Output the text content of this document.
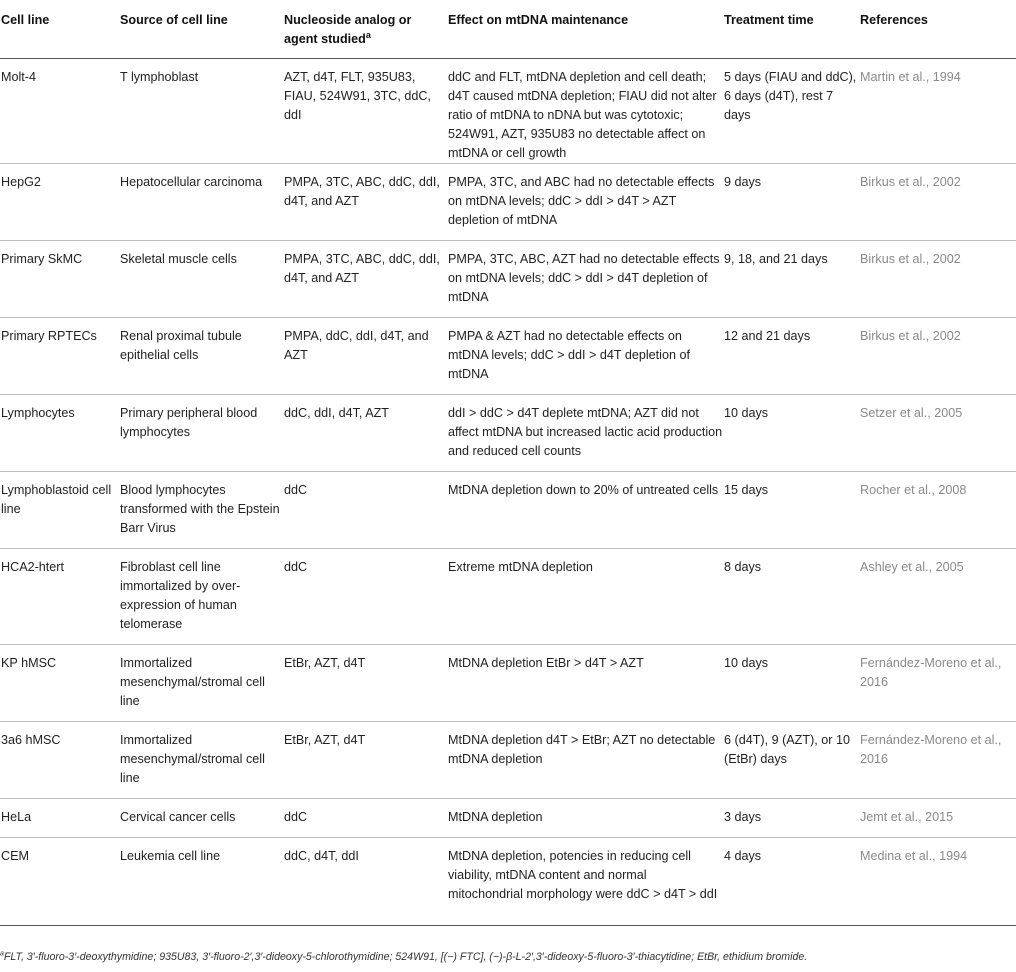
Cell line	Source of cell line	Nucleoside analog or agent studied$^a$	Effect on mtDNA maintenance	Treatment time	References
Molt-4	T lymphoblast	AZT, d4T, FLT, 935U83, FIAU, 524W91, 3TC, ddC, ddI	ddC and FLT, mtDNA depletion and cell death; d4T caused mtDNA depletion; FIAU did not alter ratio of mtDNA to nDNA but was cytotoxic; 524W91, AZT, 935U83 no detectable affect on mtDNA or cell growth	5 days (FIAU and ddC), 6 days (d4T), rest 7 days	Martin et al., 1994
HepG2	Hepatocellular carcinoma	PMPA, 3TC, ABC, ddC, ddI, d4T, and AZT	PMPA, 3TC, and ABC had no detectable effects on mtDNA levels; ddC > ddI > d4T > AZT depletion of mtDNA	9 days	Birkus et al., 2002
Primary SkMC	Skeletal muscle cells	PMPA, 3TC, ABC, ddC, ddI, d4T, and AZT	PMPA, 3TC, ABC, AZT had no detectable effects on mtDNA levels; ddC > ddI > d4T depletion of mtDNA	9, 18, and 21 days	Birkus et al., 2002
Primary RPTECs	Renal proximal tubule epithelial cells	PMPA, ddC, ddI, d4T, and AZT	PMPA & AZT had no detectable effects on mtDNA levels; ddC > ddI > d4T depletion of mtDNA	12 and 21 days	Birkus et al., 2002
Lymphocytes	Primary peripheral blood lymphocytes	ddC, ddI, d4T, AZT	ddI > ddC > d4T deplete mtDNA; AZT did not affect mtDNA but increased lactic acid production and reduced cell counts	10 days	Setzer et al., 2005
Lymphoblastoid cell line	Blood lymphocytes transformed with the Epstein Barr Virus	ddC	MtDNA depletion down to 20% of untreated cells	15 days	Rocher et al., 2008
HCA2-htert	Fibroblast cell line immortalized by over-expression of human telomerase	ddC	Extreme mtDNA depletion	8 days	Ashley et al., 2005
KP hMSC	Immortalized mesenchymal/stromal cell line	EtBr, AZT, d4T	MtDNA depletion EtBr > d4T > AZT	10 days	Fernández-Moreno et al., 2016
3a6 hMSC	Immortalized mesenchymal/stromal cell line	EtBr, AZT, d4T	MtDNA depletion d4T > EtBr; AZT no detectable mtDNA depletion	6 (d4T), 9 (AZT), or 10 (EtBr) days	Fernández-Moreno et al., 2016
HeLa	Cervical cancer cells	ddC	MtDNA depletion	3 days	Jemt et al., 2015
CEM	Leukemia cell line	ddC, d4T, ddI	MtDNA depletion, potencies in reducing cell viability, mtDNA content and normal mitochondrial morphology were ddC > d4T > ddI	4 days	Medina et al., 1994
$^a$FLT, 3′-fluoro-3′-deoxythymidine; 935U83, 3′-fluoro-2′,3′-dideoxy-5-chlorothymidine; 524W91, [(−) FTC], (−)-β-L-2′,3′-dideoxy-5-fluoro-3′-thiacytidine; EtBr, ethidium bromide.
